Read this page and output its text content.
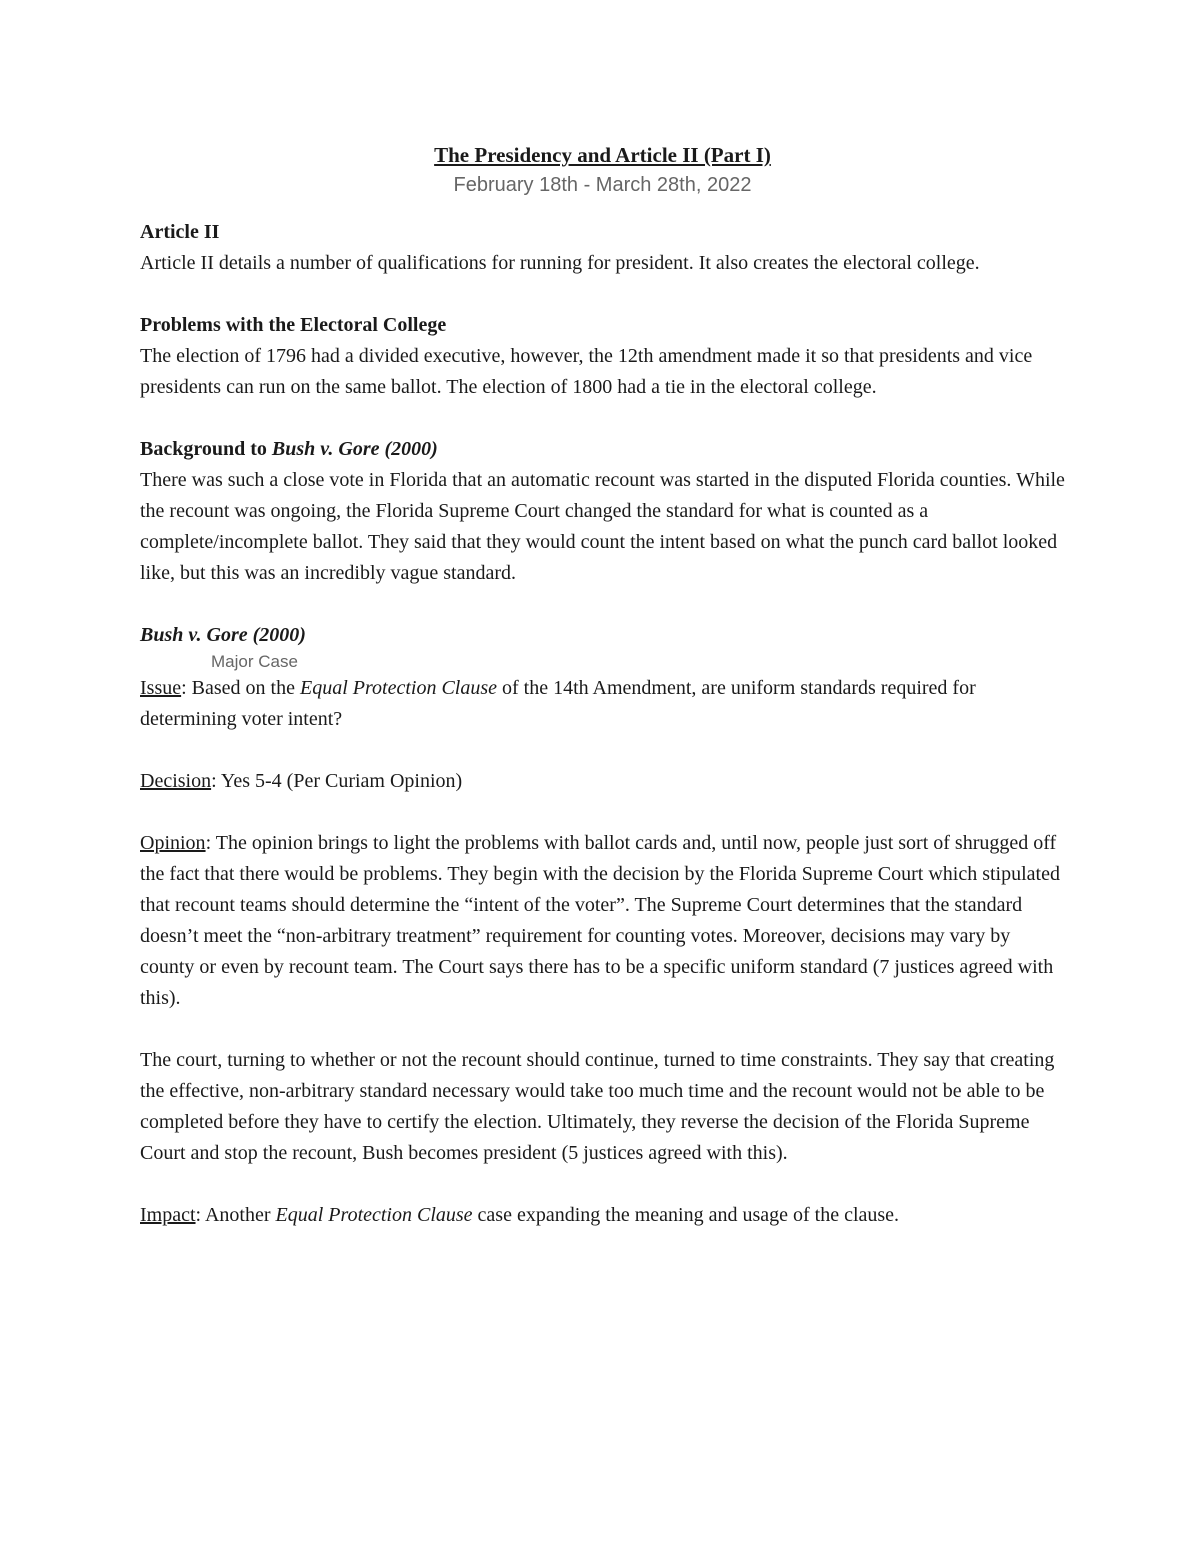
The Presidency and Article II (Part I)

February 18th - March 28th, 2022

Article II

Article II details a number of qualifications for running for president. It also creates the electoral college.

Problems with the Electoral College

The election of 1796 had a divided executive, however, the 12th amendment made it so that presidents and vice presidents can run on the same ballot. The election of 1800 had a tie in the electoral college.

Background to Bush v. Gore (2000)

There was such a close vote in Florida that an automatic recount was started in the disputed Florida counties. While the recount was ongoing, the Florida Supreme Court changed the standard for what is counted as a complete/incomplete ballot. They said that they would count the intent based on what the punch card ballot looked like, but this was an incredibly vague standard.

Bush v. Gore (2000)

Major Case

Issue: Based on the Equal Protection Clause of the 14th Amendment, are uniform standards required for determining voter intent?

Decision: Yes 5-4 (Per Curiam Opinion)

Opinion: The opinion brings to light the problems with ballot cards and, until now, people just sort of shrugged off the fact that there would be problems. They begin with the decision by the Florida Supreme Court which stipulated that recount teams should determine the “intent of the voter”. The Supreme Court determines that the standard doesn’t meet the “non-arbitrary treatment” requirement for counting votes. Moreover, decisions may vary by county or even by recount team. The Court says there has to be a specific uniform standard (7 justices agreed with this).

The court, turning to whether or not the recount should continue, turned to time constraints. They say that creating the effective, non-arbitrary standard necessary would take too much time and the recount would not be able to be completed before they have to certify the election. Ultimately, they reverse the decision of the Florida Supreme Court and stop the recount, Bush becomes president (5 justices agreed with this).

Impact: Another Equal Protection Clause case expanding the meaning and usage of the clause.
